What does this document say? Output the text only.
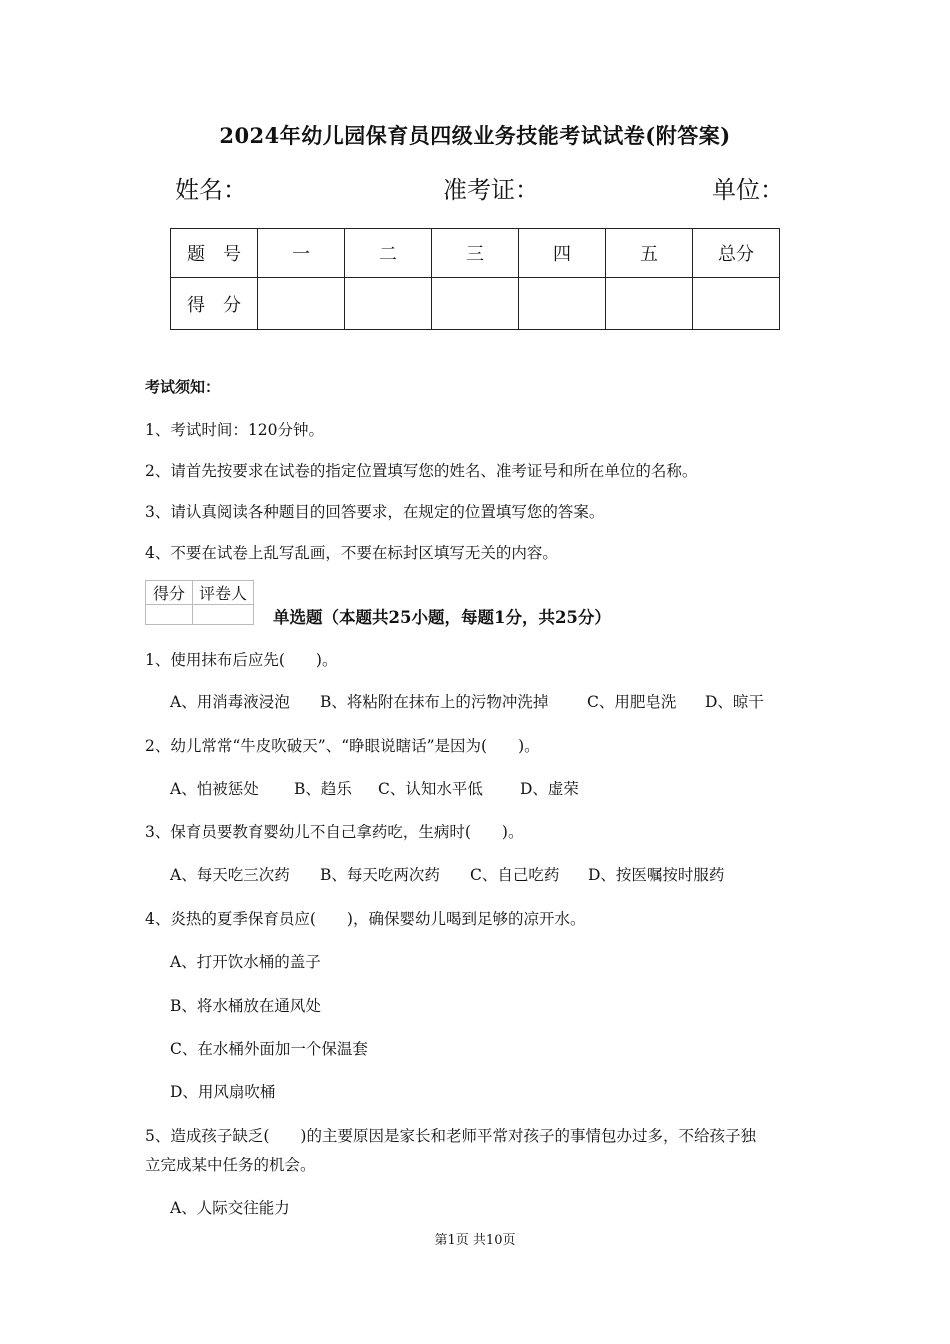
2024年幼儿园保育员四级业务技能考试试卷(附答案)
姓名：	准考证：	单位：
题　号	一	二	三	四	五	总分
得　分						
考试须知：
1、考试时间：120分钟。
2、请首先按要求在试卷的指定位置填写您的姓名、准考证号和所在单位的名称。
3、请认真阅读各种题目的回答要求，在规定的位置填写您的答案。
4、不要在试卷上乱写乱画，不要在标封区填写无关的内容。
得分	评卷人

单选题（本题共25小题，每题1分，共25分）
1、使用抹布后应先(　　)。
A、用消毒液浸泡 B、将粘附在抹布上的污物冲洗掉 C、用肥皂洗 D、晾干
2、幼儿常常“牛皮吹破天”、“睁眼说瞎话”是因为(　　)。
A、怕被惩处 B、趋乐 C、认知水平低 D、虚荣
3、保育员要教育婴幼儿不自己拿药吃，生病时(　　)。
A、每天吃三次药 B、每天吃两次药 C、自己吃药 D、按医嘱按时服药
4、炎热的夏季保育员应(　　)，确保婴幼儿喝到足够的凉开水。
A、打开饮水桶的盖子
B、将水桶放在通风处
C、在水桶外面加一个保温套
D、用风扇吹桶
5、造成孩子缺乏(　　)的主要原因是家长和老师平常对孩子的事情包办过多，不给孩子独
立完成某中任务的机会。
A、人际交往能力
第1页 共10页
